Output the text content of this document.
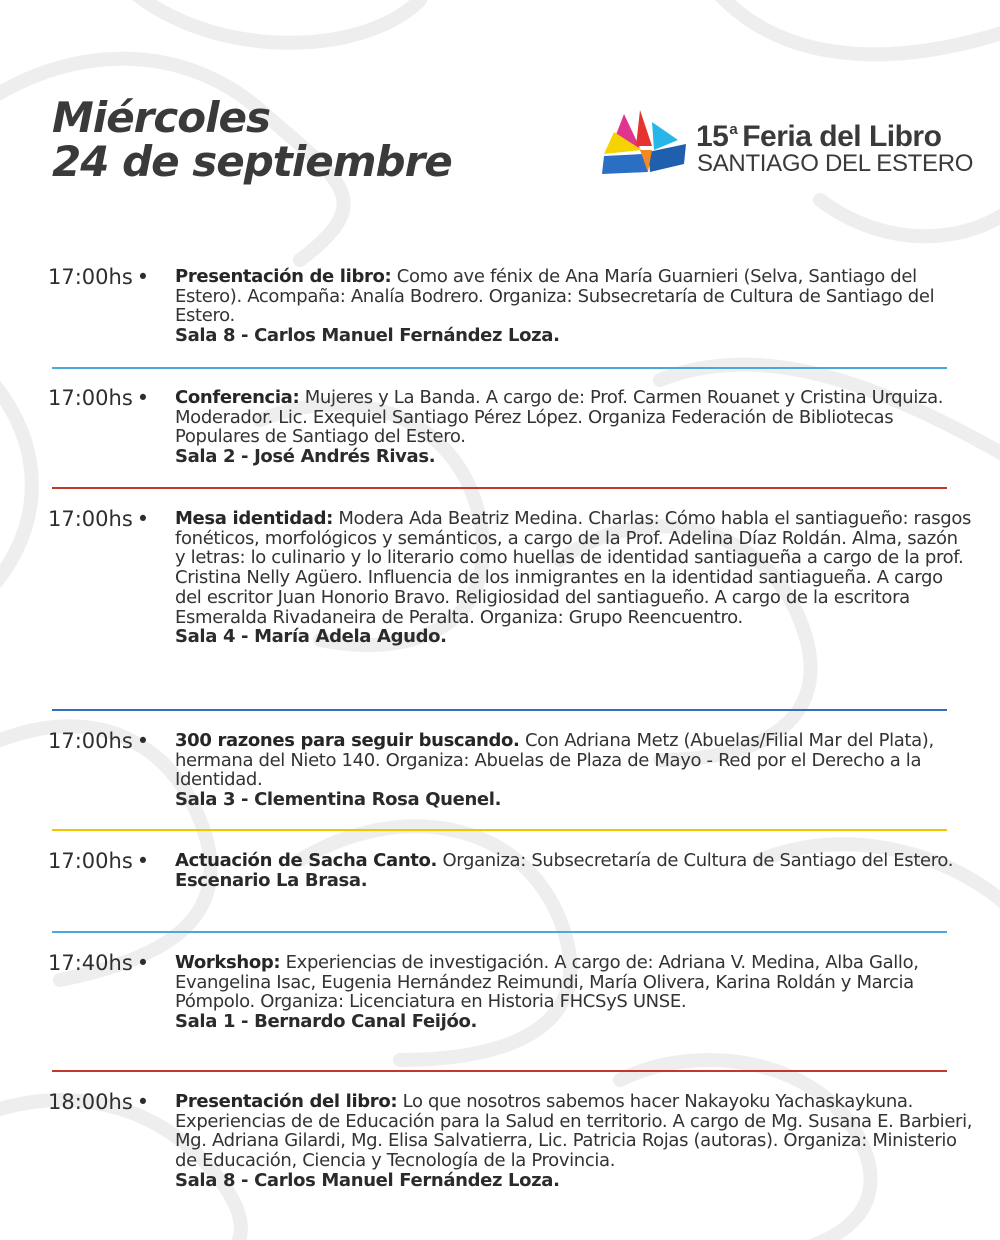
Miércoles
24 de septiembre
15$^a$ Feria del Libro
SANTIAGO DEL ESTERO
17:00hs •	Presentación de libro: Como ave fénix de Ana María Guarnieri (Selva, Santiago del Estero). Acompaña: Analía Bodrero. Organiza: Subsecretaría de Cultura de Santiago del Estero.
Sala 8 - Carlos Manuel Fernández Loza.
17:00hs •	Conferencia: Mujeres y La Banda. A cargo de: Prof. Carmen Rouanet y Cristina Urquiza. Moderador. Lic. Exequiel Santiago Pérez López. Organiza Federación de Bibliotecas Populares de Santiago del Estero.
Sala 2 - José Andrés Rivas.
17:00hs •	Mesa identidad: Modera Ada Beatriz Medina. Charlas: Cómo habla el santiagueño: rasgos fonéticos, morfológicos y semánticos, a cargo de la Prof. Adelina Díaz Roldán. Alma, sazón y letras: lo culinario y lo literario como huellas de identidad santiagueña a cargo de la prof. Cristina Nelly Agüero. Influencia de los inmigrantes en la identidad santiagueña. A cargo del escritor Juan Honorio Bravo. Religiosidad del santiagueño. A cargo de la escritora Esmeralda Rivadaneira de Peralta. Organiza: Grupo Reencuentro.
Sala 4 - María Adela Agudo.
17:00hs •	300 razones para seguir buscando. Con Adriana Metz (Abuelas/Filial Mar del Plata), hermana del Nieto 140. Organiza: Abuelas de Plaza de Mayo - Red por el Derecho a la Identidad.
Sala 3 - Clementina Rosa Quenel.
17:00hs •	Actuación de Sacha Canto. Organiza: Subsecretaría de Cultura de Santiago del Estero.
Escenario La Brasa.
17:40hs •	Workshop: Experiencias de investigación. A cargo de: Adriana V. Medina, Alba Gallo, Evangelina Isac, Eugenia Hernández Reimundi, María Olivera, Karina Roldán y Marcia Pómpolo. Organiza: Licenciatura en Historia FHCSyS UNSE.
Sala 1 - Bernardo Canal Feijóo.
18:00hs •	Presentación del libro: Lo que nosotros sabemos hacer Nakayoku Yachaskaykuna. Experiencias de de Educación para la Salud en territorio. A cargo de Mg. Susana E. Barbieri, Mg. Adriana Gilardi, Mg. Elisa Salvatierra, Lic. Patricia Rojas (autoras). Organiza: Ministerio de Educación, Ciencia y Tecnología de la Provincia.
Sala 8 - Carlos Manuel Fernández Loza.
